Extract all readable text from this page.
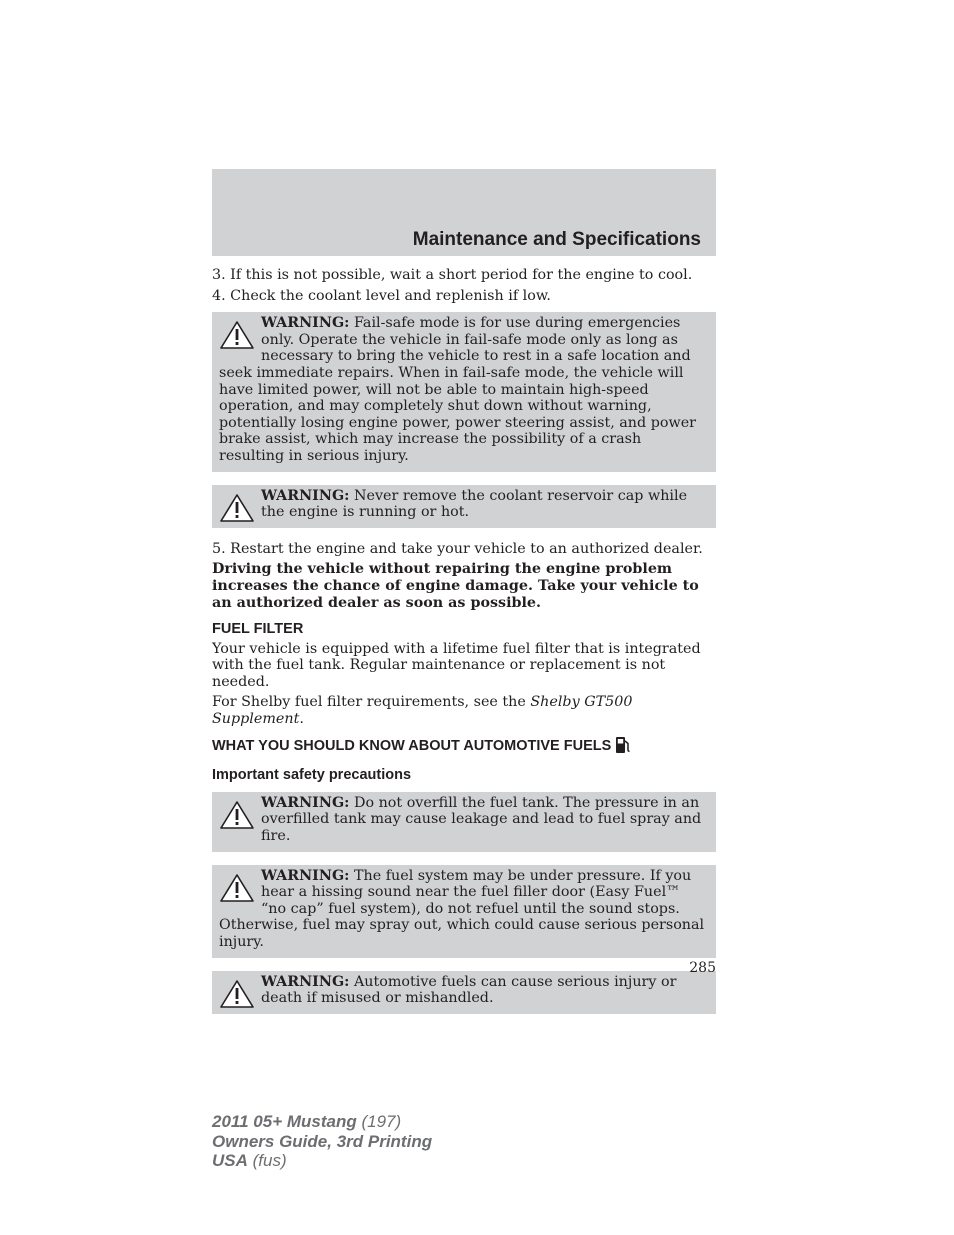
Maintenance and Specifications

3. If this is not possible, wait a short period for the engine to cool.

4. Check the coolant level and replenish if low.

WARNING: Fail-safe mode is for use during emergencies only. Operate the vehicle in fail-safe mode only as long as necessary to bring the vehicle to rest in a safe location and seek immediate repairs. When in fail-safe mode, the vehicle will have limited power, will not be able to maintain high-speed operation, and may completely shut down without warning, potentially losing engine power, power steering assist, and power brake assist, which may increase the possibility of a crash resulting in serious injury.
WARNING: Never remove the coolant reservoir cap while the engine is running or hot.

5. Restart the engine and take your vehicle to an authorized dealer.

Driving the vehicle without repairing the engine problem increases the chance of engine damage. Take your vehicle to an authorized dealer as soon as possible.

FUEL FILTER

Your vehicle is equipped with a lifetime fuel filter that is integrated with the fuel tank. Regular maintenance or replacement is not needed.

For Shelby fuel filter requirements, see the Shelby GT500 Supplement.

WHAT YOU SHOULD KNOW ABOUT AUTOMOTIVE FUELS

Important safety precautions

WARNING: Do not overfill the fuel tank. The pressure in an overfilled tank may cause leakage and lead to fuel spray and fire.
WARNING: The fuel system may be under pressure. If you hear a hissing sound near the fuel filler door (Easy Fuel™ “no cap” fuel system), do not refuel until the sound stops. Otherwise, fuel may spray out, which could cause serious personal injury.
WARNING: Automotive fuels can cause serious injury or death if misused or mishandled.
285
2011 05+ Mustang (197)
Owners Guide, 3rd Printing
USA (fus)
